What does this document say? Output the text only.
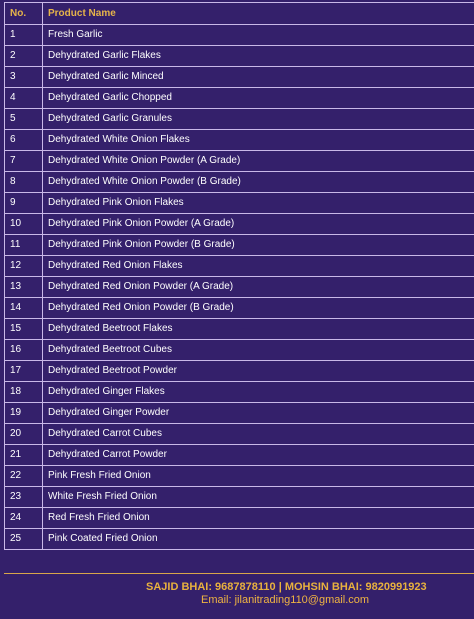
No.	Product Name
1	Fresh Garlic
2	Dehydrated Garlic Flakes
3	Dehydrated Garlic Minced
4	Dehydrated Garlic Chopped
5	Dehydrated Garlic Granules
6	Dehydrated White Onion Flakes
7	Dehydrated White Onion Powder (A Grade)
8	Dehydrated White Onion Powder (B Grade)
9	Dehydrated Pink Onion Flakes
10	Dehydrated Pink Onion Powder (A Grade)
11	Dehydrated Pink Onion Powder (B Grade)
12	Dehydrated Red Onion Flakes
13	Dehydrated Red Onion Powder (A Grade)
14	Dehydrated Red Onion Powder (B Grade)
15	Dehydrated Beetroot Flakes
16	Dehydrated Beetroot Cubes
17	Dehydrated Beetroot Powder
18	Dehydrated Ginger Flakes
19	Dehydrated Ginger Powder
20	Dehydrated Carrot Cubes
21	Dehydrated Carrot Powder
22	Pink Fresh Fried Onion
23	White Fresh Fried Onion
24	Red Fresh Fried Onion
25	Pink Coated Fried Onion
SAJID BHAI: 9687878110 | MOHSIN BHAI: 9820991923
Email: jilanitrading110@gmail.com
